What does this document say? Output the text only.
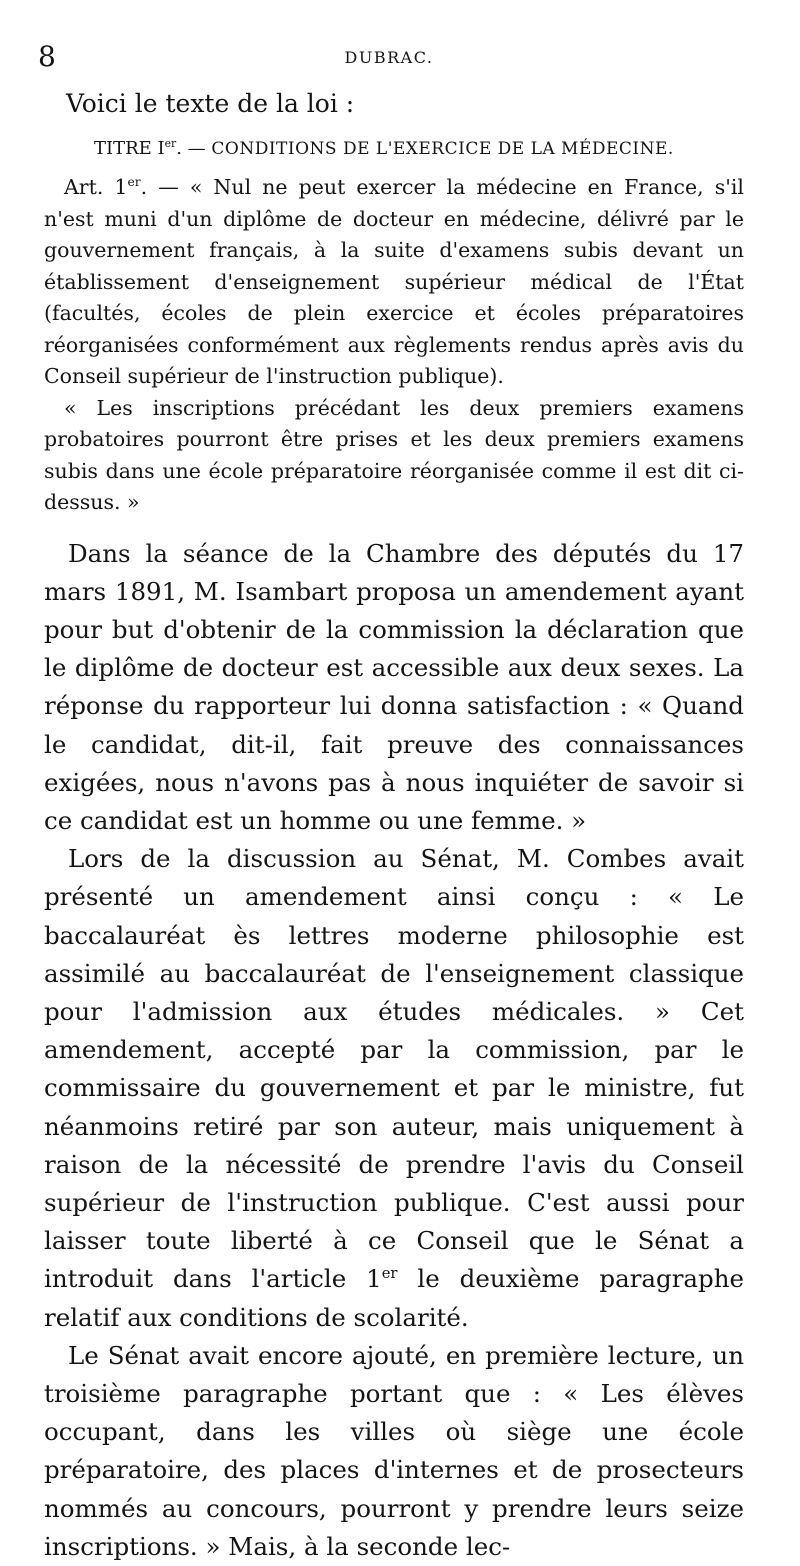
8	DUBRAC.

Voici le texte de la loi :

TITRE Ier. — CONDITIONS DE L'EXERCICE DE LA MÉDECINE.

Art. 1er. — « Nul ne peut exercer la médecine en France, s'il n'est muni d'un diplôme de docteur en médecine, délivré par le gouvernement français, à la suite d'examens subis devant un établissement d'enseignement supérieur médical de l'État (facultés, écoles de plein exercice et écoles préparatoires réorganisées conformément aux règlements rendus après avis du Conseil supérieur de l'instruction publique).

« Les inscriptions précédant les deux premiers examens probatoires pourront être prises et les deux premiers examens subis dans une école préparatoire réorganisée comme il est dit ci-dessus. »

Dans la séance de la Chambre des députés du 17 mars 1891, M. Isambart proposa un amendement ayant pour but d'obtenir de la commission la déclaration que le diplôme de docteur est accessible aux deux sexes. La réponse du rapporteur lui donna satisfaction : « Quand le candidat, dit-il, fait preuve des connaissances exigées, nous n'avons pas à nous inquiéter de savoir si ce candidat est un homme ou une femme. »

Lors de la discussion au Sénat, M. Combes avait présenté un amendement ainsi conçu : « Le baccalauréat ès lettres moderne philosophie est assimilé au baccalauréat de l'enseignement classique pour l'admission aux études médicales. » Cet amendement, accepté par la commission, par le commissaire du gouvernement et par le ministre, fut néanmoins retiré par son auteur, mais uniquement à raison de la nécessité de prendre l'avis du Conseil supérieur de l'instruction publique. C'est aussi pour laisser toute liberté à ce Conseil que le Sénat a introduit dans l'article 1er le deuxième paragraphe relatif aux conditions de scolarité.

Le Sénat avait encore ajouté, en première lecture, un troisième paragraphe portant que : « Les élèves occupant, dans les villes où siège une école préparatoire, des places d'internes et de prosecteurs nommés au concours, pourront y prendre leurs seize inscriptions. » Mais, à la seconde lec-
